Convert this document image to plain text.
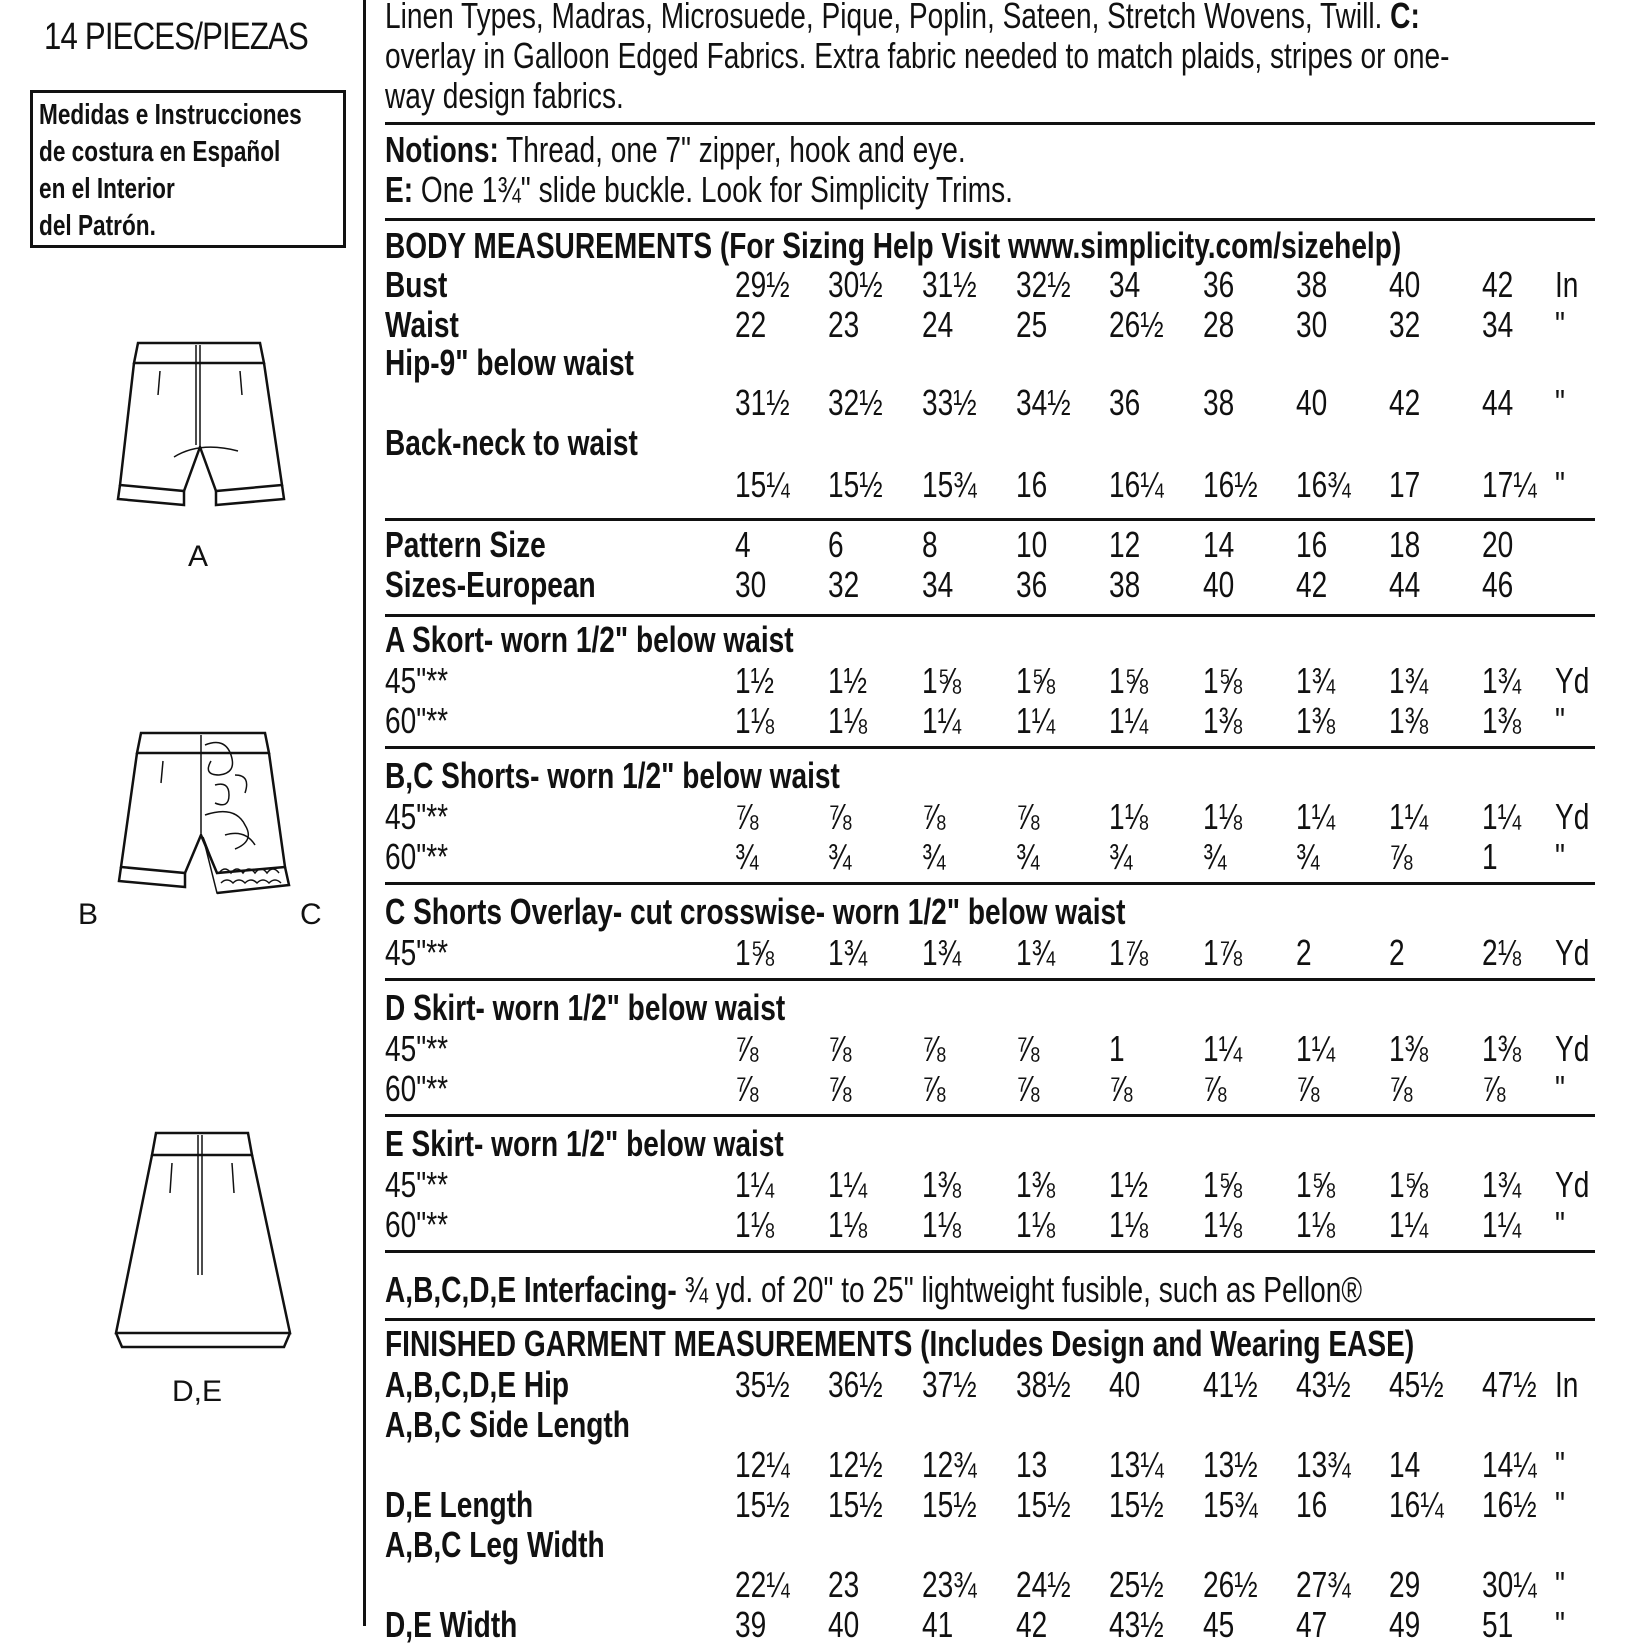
14 PIECES/PIEZAS
Medidas e Instrucciones
de costura en Español
en el Interior
del Patrón.
A
B	C
D,E
Linen Types, Madras, Microsuede, Pique, Poplin, Sateen, Stretch Wovens, Twill. C:
overlay in Galloon Edged Fabrics. Extra fabric needed to match plaids, stripes or one-
way design fabrics.
Notions: Thread, one 7" zipper, hook and eye.
E: One 1¾" slide buckle. Look for Simplicity Trims.
BODY MEASUREMENTS (For Sizing Help Visit www.simplicity.com/sizehelp)
Bust	29½ 30½ 31½ 32½ 34 36 38 40 42 In
Waist	22 23 24 25 26½ 28 30 32 34 "
Hip-9" below waist
31½ 32½ 33½ 34½ 36 38 40 42 44 "
Back-neck to waist
15¼ 15½ 15¾ 16 16¼ 16½ 16¾ 17 17¼ "
Pattern Size	4 6 8 10 12 14 16 18 20
Sizes-European	30 32 34 36 38 40 42 44 46
A Skort- worn 1/2" below waist
45"**	1½ 1½ 1⅝ 1⅝ 1⅝ 1⅝ 1¾ 1¾ 1¾ Yd
60"**	1⅛ 1⅛ 1¼ 1¼ 1¼ 1⅜ 1⅜ 1⅜ 1⅜ "
B,C Shorts- worn 1/2" below waist
45"**	⅞ ⅞ ⅞ ⅞ 1⅛ 1⅛ 1¼ 1¼ 1¼ Yd
60"**	¾ ¾ ¾ ¾ ¾ ¾ ¾ ⅞ 1 "
C Shorts Overlay- cut crosswise- worn 1/2" below waist
45"**	1⅝ 1¾ 1¾ 1¾ 1⅞ 1⅞ 2 2 2⅛ Yd
D Skirt- worn 1/2" below waist
45"**	⅞ ⅞ ⅞ ⅞ 1 1¼ 1¼ 1⅜ 1⅜ Yd
60"**	⅞ ⅞ ⅞ ⅞ ⅞ ⅞ ⅞ ⅞ ⅞ "
E Skirt- worn 1/2" below waist
45"**	1¼ 1¼ 1⅜ 1⅜ 1½ 1⅝ 1⅝ 1⅝ 1¾ Yd
60"**	1⅛ 1⅛ 1⅛ 1⅛ 1⅛ 1⅛ 1⅛ 1¼ 1¼ "
A,B,C,D,E Interfacing- ¾ yd. of 20" to 25" lightweight fusible, such as Pellon®
FINISHED GARMENT MEASUREMENTS (Includes Design and Wearing EASE)
A,B,C,D,E Hip	35½ 36½ 37½ 38½ 40 41½ 43½ 45½ 47½ In
A,B,C Side Length
12¼ 12½ 12¾ 13 13¼ 13½ 13¾ 14 14¼ "
D,E Length	15½ 15½ 15½ 15½ 15½ 15¾ 16 16¼ 16½ "
A,B,C Leg Width
22¼ 23 23¾ 24½ 25½ 26½ 27¾ 29 30¼ "
D,E Width	39 40 41 42 43½ 45 47 49 51 "
